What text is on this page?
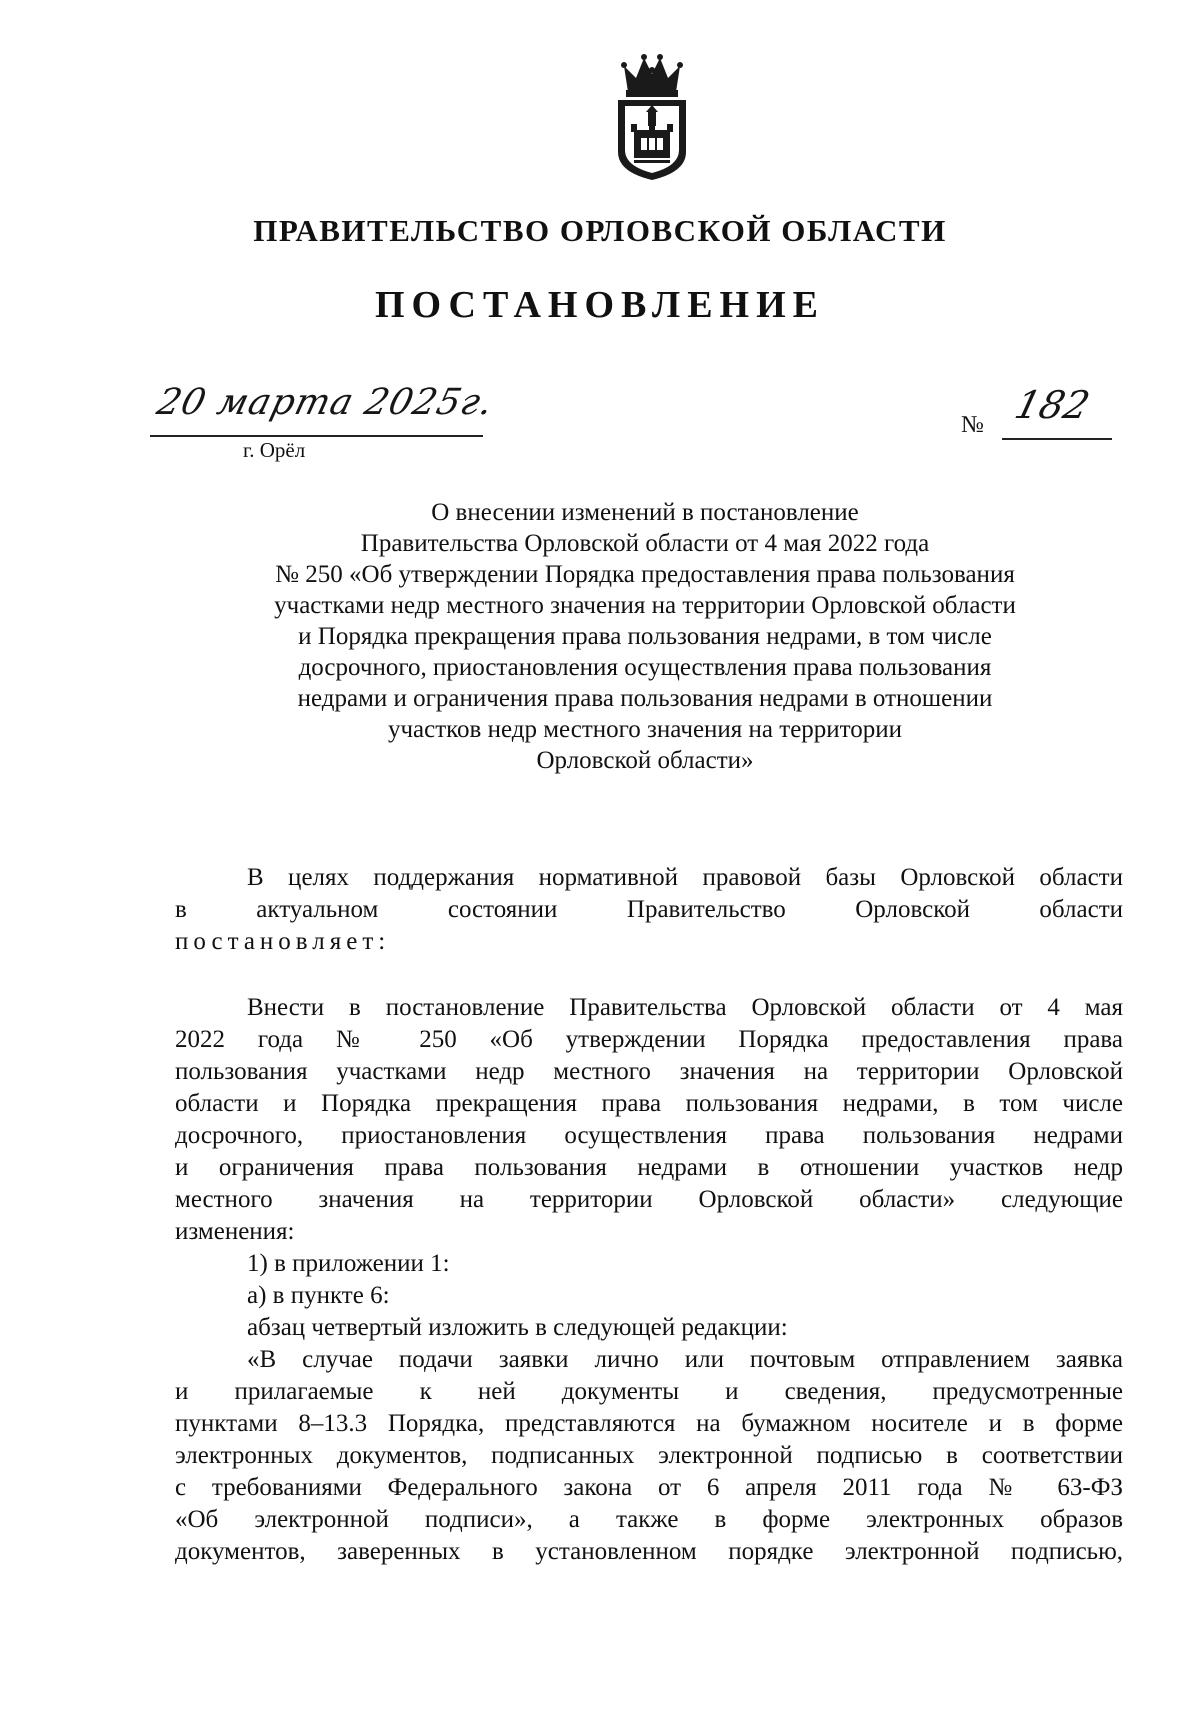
ПРАВИТЕЛЬСТВО ОРЛОВСКОЙ ОБЛАСТИ
ПОСТАНОВЛЕНИЕ
20 марта 2025г.
г. Орёл
№ 182
О внесении изменений в постановление
Правительства Орловской области от 4 мая 2022 года
№ 250 «Об утверждении Порядка предоставления права пользования
участками недр местного значения на территории Орловской области
и Порядка прекращения права пользования недрами, в том числе
досрочного, приостановления осуществления права пользования
недрами и ограничения права пользования недрами в отношении
участков недр местного значения на территории
Орловской области»
В целях поддержания нормативной правовой базы Орловской области
в актуальном состоянии Правительство Орловской области
постановляет:
Внести в постановление Правительства Орловской области от 4 мая
2022 года № 250 «Об утверждении Порядка предоставления права
пользования участками недр местного значения на территории Орловской
области и Порядка прекращения права пользования недрами, в том числе
досрочного, приостановления осуществления права пользования недрами
и ограничения права пользования недрами в отношении участков недр
местного значения на территории Орловской области» следующие
изменения:
1) в приложении 1:
а) в пункте 6:
абзац четвертый изложить в следующей редакции:
«В случае подачи заявки лично или почтовым отправлением заявка
и прилагаемые к ней документы и сведения, предусмотренные
пунктами 8–13.3 Порядка, представляются на бумажном носителе и в форме
электронных документов, подписанных электронной подписью в соответствии
с требованиями Федерального закона от 6 апреля 2011 года № 63-ФЗ
«Об электронной подписи», а также в форме электронных образов
документов, заверенных в установленном порядке электронной подписью,
